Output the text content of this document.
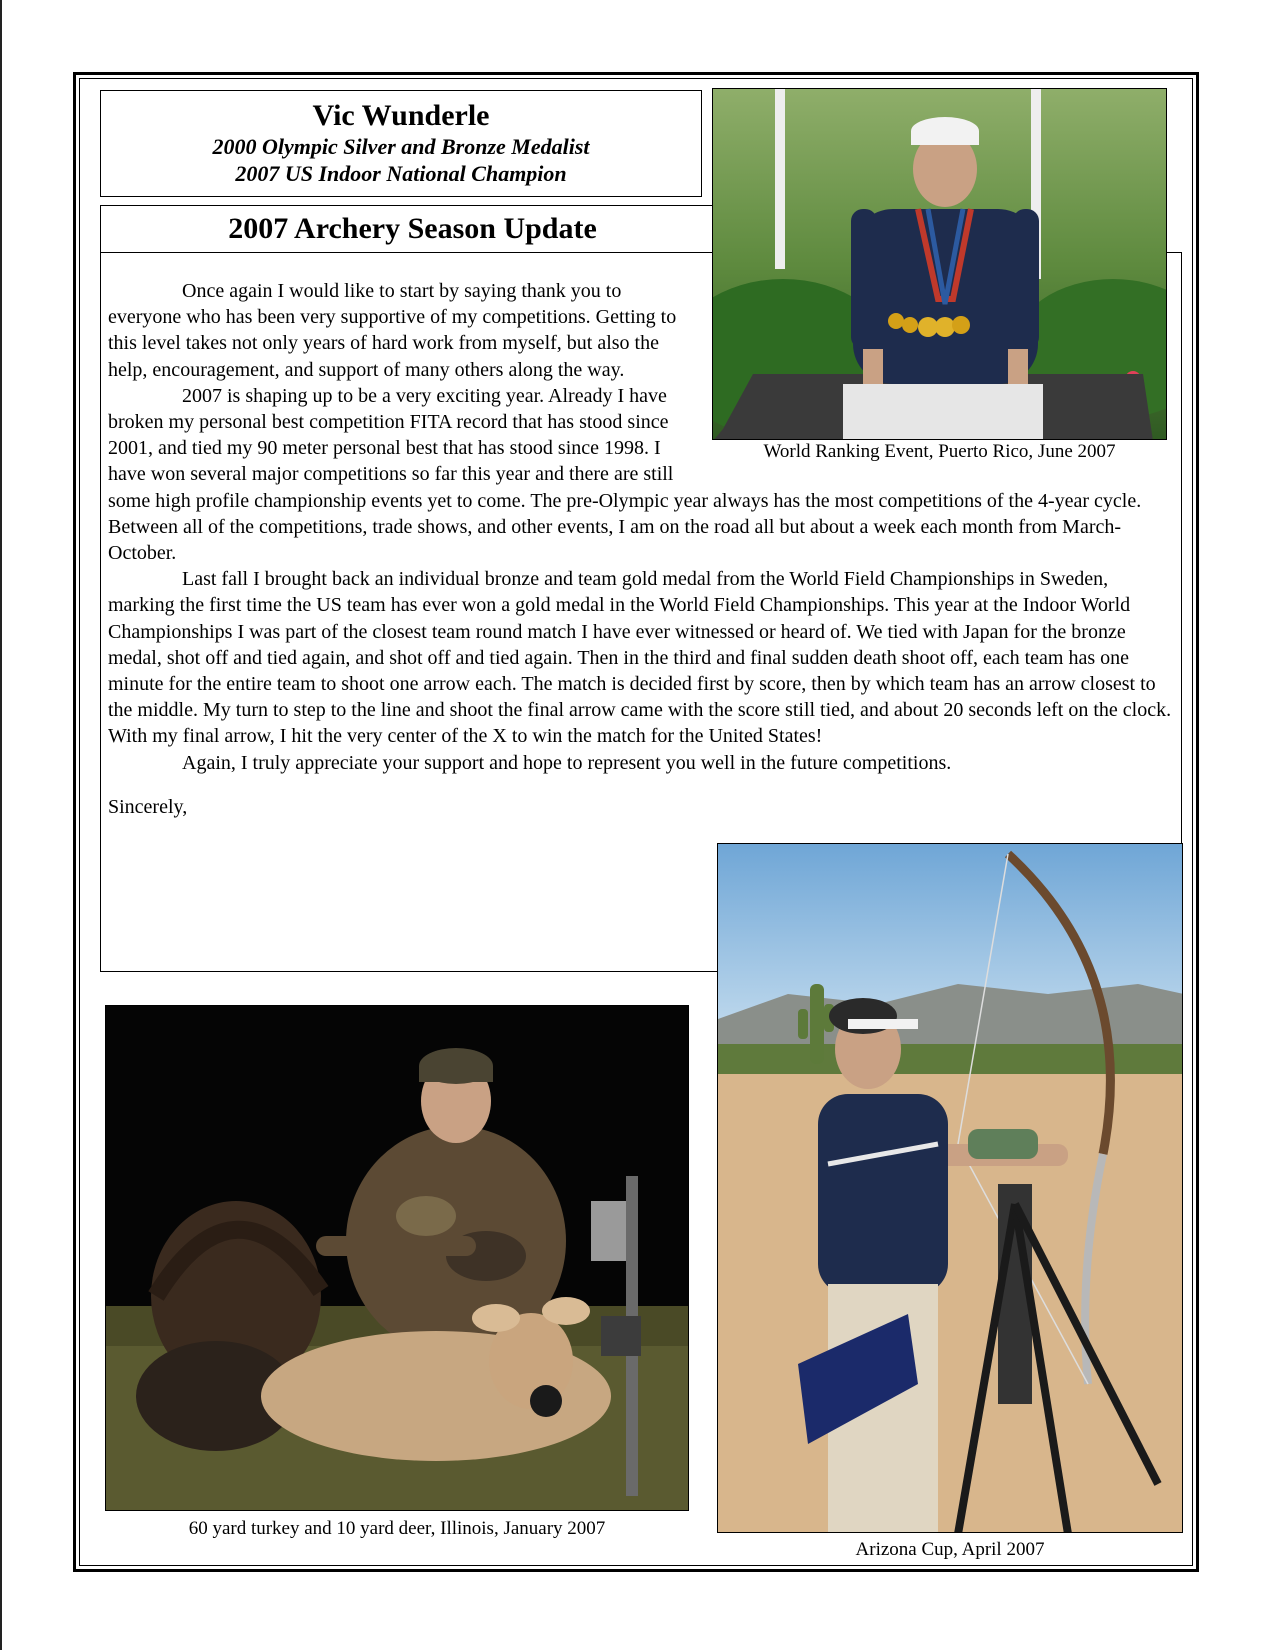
Vic Wunderle
2000 Olympic Silver and Bronze Medalist
2007 US Indoor National Champion
2007 Archery Season Update

Once again I would like to start by saying thank you to everyone who has been very supportive of my competitions. Getting to this level takes not only years of hard work from myself, but also the help, encouragement, and support of many others along the way.

2007 is shaping up to be a very exciting year. Already I have broken my personal best competition FITA record that has stood since 2001, and tied my 90 meter personal best that has stood since 1998. I have won several major competitions so far this year and there are still some high profile championship events yet to come. The pre-Olympic year always has the most competitions of the 4-year cycle. Between all of the competitions, trade shows, and other events, I am on the road all but about a week each month from March-October.

Last fall I brought back an individual bronze and team gold medal from the World Field Championships in Sweden, marking the first time the US team has ever won a gold medal in the World Field Championships. This year at the Indoor World Championships I was part of the closest team round match I have ever witnessed or heard of. We tied with Japan for the bronze medal, shot off and tied again, and shot off and tied again. Then in the third and final sudden death shoot off, each team has one minute for the entire team to shoot one arrow each. The match is decided first by score, then by which team has an arrow closest to the middle. My turn to step to the line and shoot the final arrow came with the score still tied, and about 20 seconds left on the clock. With my final arrow, I hit the very center of the X to win the match for the United States!

Again, I truly appreciate your support and hope to represent you well in the future competitions.

Sincerely,

World Ranking Event, Puerto Rico, June 2007
60 yard turkey and 10 yard deer, Illinois, January 2007
Arizona Cup, April 2007
